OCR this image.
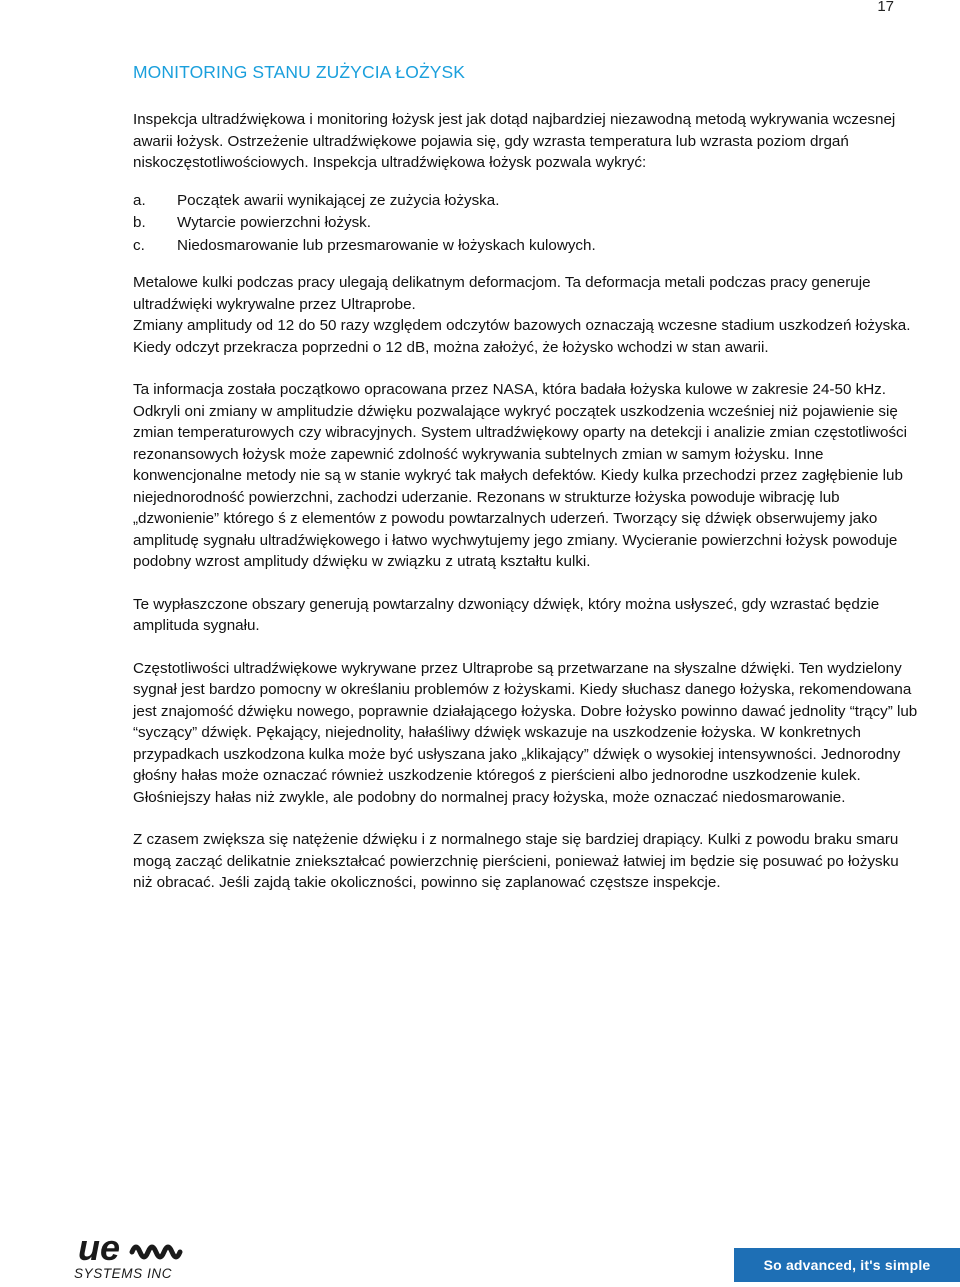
17
MONITORING STANU ZUŻYCIA ŁOŻYSK

Inspekcja ultradźwiękowa i monitoring łożysk jest jak dotąd najbardziej niezawodną metodą wykrywania wczesnej awarii łożysk. Ostrzeżenie ultradźwiękowe pojawia się, gdy wzrasta temperatura lub wzrasta poziom drgań niskoczęstotliwościowych. Inspekcja ultradźwiękowa łożysk pozwala wykryć:

a.	Początek awarii wynikającej ze zużycia łożyska.
b.	Wytarcie powierzchni łożysk.
c.	Niedosmarowanie lub przesmarowanie w łożyskach kulowych.

Metalowe kulki podczas pracy ulegają delikatnym deformacjom. Ta deformacja metali podczas pracy generuje ultradźwięki wykrywalne przez Ultraprobe.

Zmiany amplitudy od 12 do 50 razy względem odczytów bazowych oznaczają wczesne stadium uszkodzeń łożyska. Kiedy odczyt przekracza poprzedni o 12 dB, można założyć, że łożysko wchodzi w stan awarii.

Ta informacja została początkowo opracowana przez NASA, która badała łożyska kulowe w zakresie 24-50 kHz. Odkryli oni zmiany w amplitudzie dźwięku pozwalające wykryć początek uszkodzenia wcześniej niż pojawienie się zmian temperaturowych czy wibracyjnych. System ultradźwiękowy oparty na detekcji i analizie zmian częstotliwości rezonansowych łożysk może zapewnić zdolność wykrywania subtelnych zmian w samym łożysku. Inne konwencjonalne metody nie są w stanie wykryć tak małych defektów. Kiedy kulka przechodzi przez zagłębienie lub niejednorodność powierzchni, zachodzi uderzanie. Rezonans w strukturze łożyska powoduje wibrację lub „dzwonienie” którego ś z elementów z powodu powtarzalnych uderzeń. Tworzący się dźwięk obserwujemy jako amplitudę sygnału ultradźwiękowego i łatwo wychwytujemy jego zmiany. Wycieranie powierzchni łożysk powoduje podobny wzrost amplitudy dźwięku w związku z utratą kształtu kulki.

Te wypłaszczone obszary generują powtarzalny dzwoniący dźwięk, który można usłyszeć, gdy wzrastać będzie amplituda sygnału.

Częstotliwości ultradźwiękowe wykrywane przez Ultraprobe są przetwarzane na słyszalne dźwięki. Ten wydzielony sygnał jest bardzo pomocny w określaniu problemów z łożyskami. Kiedy słuchasz danego łożyska, rekomendowana jest znajomość dźwięku nowego, poprawnie działającego łożyska. Dobre łożysko powinno dawać jednolity “trący” lub “syczący” dźwięk. Pękający, niejednolity, hałaśliwy dźwięk wskazuje na uszkodzenie łożyska. W konkretnych przypadkach uszkodzona kulka może być usłyszana jako „klikający” dźwięk o wysokiej intensywności. Jednorodny głośny hałas może oznaczać również uszkodzenie któregoś z pierścieni albo jednorodne uszkodzenie kulek. Głośniejszy hałas niż zwykle, ale podobny do normalnej pracy łożyska, może oznaczać niedosmarowanie.

Z czasem zwiększa się natężenie dźwięku i z normalnego staje się bardziej drapiący. Kulki z powodu braku smaru mogą zacząć delikatnie zniekształcać powierzchnię pierścieni, ponieważ łatwiej im będzie się posuwać po łożysku niż obracać. Jeśli zajdą takie okoliczności, powinno się zaplanować częstsze inspekcje.

ue
SYSTEMS INC
So advanced, it's simple
